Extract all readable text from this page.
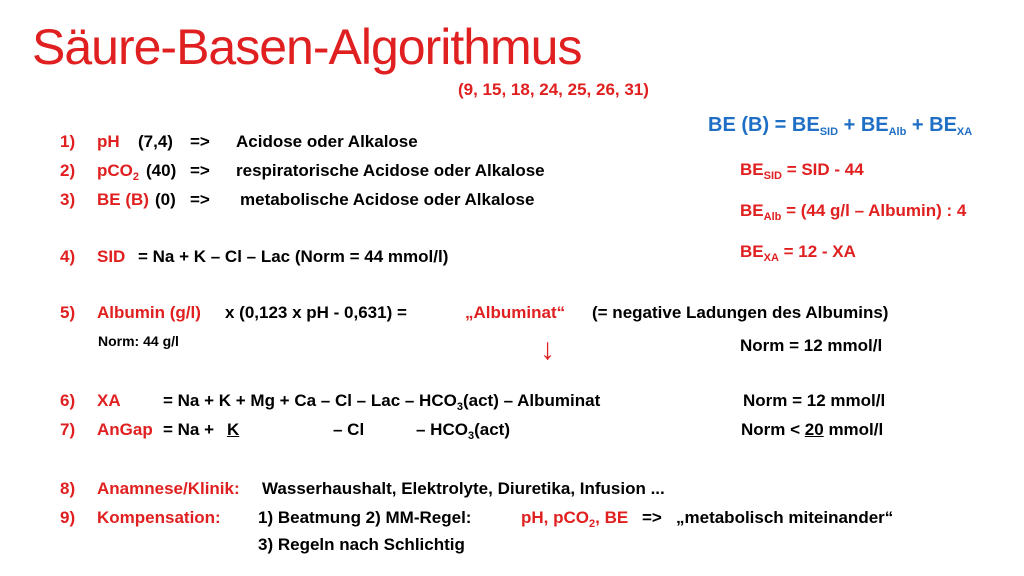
Säure-Basen-Algorithmus
(9, 15, 18, 24, 25, 26, 31)
BE $(B) = BE_{SID} + BE_{Alb} + BE_{XA}$
$BE_{SID}$ = SID - 44
$BE_{Alb} = (44$ g/l – Albumin) : 4
$BE_{XA} = 12$ - XA
1) pH (7,4) => Acidose oder Alkalose
2) pCO$_2$ (40) => respiratorische Acidose oder Alkalose
3) BE (B) (0) => metabolische Acidose oder Alkalose
4) SID = Na + K – Cl – Lac (Norm = 44 mmol/l)
5) Albumin (g/l) x (0,123 x pH - 0,631) =	„Albuminat“ (= negative Ladungen des Albumins)
Norm: 44 g/l	↓	Norm = 12 mmol/l
6) XA = Na + K + Mg + Ca – Cl – Lac – $HCO_3(act)$ – Albuminat	Norm = 12 mmol/l
7) AnGap = Na + K	– Cl	– $HCO_3(act)$	Norm < 20 mmol/l
8) Anamnese/Klinik: Wasserhaushalt, Elektrolyte, Diuretika, Infusion ...
9) Kompensation: 1) Beatmung 2) MM-Regel:	pH, pCO$_2$, BE => „metabolisch miteinander“
3) Regeln nach Schlichtig
